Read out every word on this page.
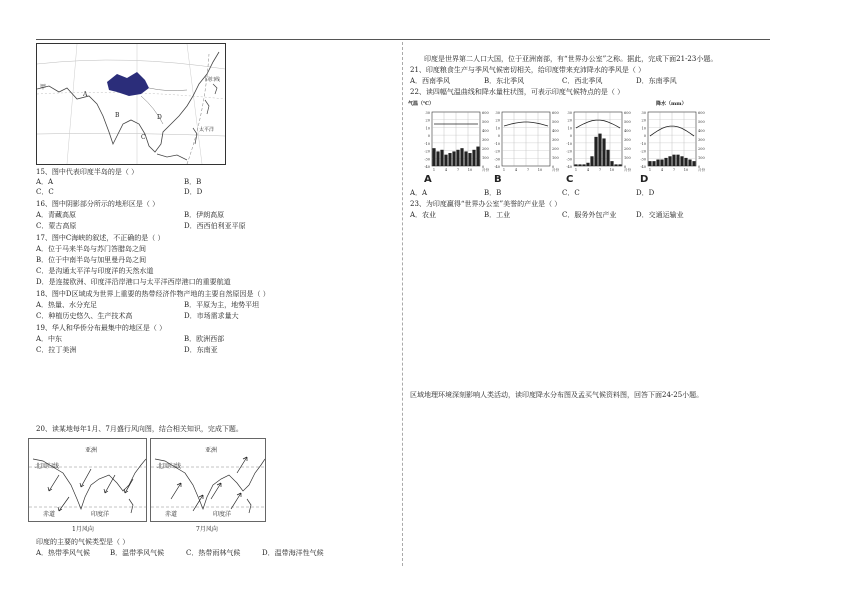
甲
A
B
C
D
回归线
太平洋
15、图中代表印度半岛的是（ ）
A．A	B．B
C．C	D．D
16、图中阴影部分所示的地形区是（ ）
A．青藏高原	B．伊朗高原
C．蒙古高原	D．西西伯利亚平原
17、图中C海峡的叙述，不正确的是（ ）
A．位于马来半岛与苏门答腊岛之间
B．位于中南半岛与加里曼丹岛之间
C．是沟通太平洋与印度洋的天然水道
D．是连接欧洲、印度洋沿岸港口与太平洋西岸港口的重要航道
18、图中D区域成为世界上重要的热带经济作物产地的主要自然原因是（ ）
A．热量、水分充足	B．平原为主，地势平坦
C．种植历史悠久、生产技术高	D．市场需求量大
19、华人和华侨分布最集中的地区是（ ）
A．中东	B．欧洲西部
C．拉丁美洲	D．东南亚
20、读某地每年1月、7月盛行风向图，结合相关知识，完成下题。
亚洲
北回归线
赤道	印度洋
1月风向
亚洲
北回归线
赤道	印度洋
7月风向
印度的主要的气候类型是（ ）
A．热带季风气候	B．温带季风气候	C．热带雨林气候	D．温带海洋性气候
印度是世界第二人口大国，位于亚洲南部，有“世界办公室”之称。据此，完成下面21-23小题。
21、印度粮食生产与季风气候密切相关，给印度带来充沛降水的季风是（ ）
A．西南季风	B．东北季风	C．西北季风	D．东南季风
22、读四幅气温曲线和降水量柱状图，可表示印度气候特点的是（ ）
气温（℃）	降水（mm）
30
20
10
0
-10
-20
-30
-40
600
500
400
300
200
100
0
1	4	7 10	月份
30
20
10
0
-10
-20
-30
-40
600
500
400
300
200
100
0
1	4	7 10	月份
30
20
10
0
-10
-20
-30
-40
600
500
400
300
200
100
0
1	4	7 10	月份
30
20
10
0
-10
-20
-30
-40
600
500
400
300
200
100
0
1	4	7 10	月份
A	B	C	D
A．A	B．B	C．C	D．D
23、为印度赢得“世界办公室”美誉的产业是（ ）
A．农业	B．工业	C．服务外包产业	D．交通运输业
区域地理环境深刻影响人类活动，读印度降水分布图及孟买气候资料图，回答下面24-25小题。
